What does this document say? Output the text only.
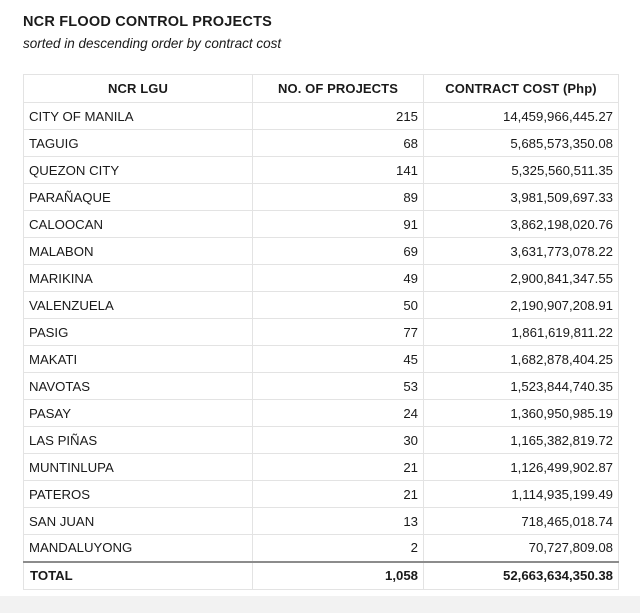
NCR FLOOD CONTROL PROJECTS

sorted in descending order by contract cost

NCR LGU	NO. OF PROJECTS	CONTRACT COST (Php)
CITY OF MANILA	215	14,459,966,445.27
TAGUIG	68	5,685,573,350.08
QUEZON CITY	141	5,325,560,511.35
PARAÑAQUE	89	3,981,509,697.33
CALOOCAN	91	3,862,198,020.76
MALABON	69	3,631,773,078.22
MARIKINA	49	2,900,841,347.55
VALENZUELA	50	2,190,907,208.91
PASIG	77	1,861,619,811.22
MAKATI	45	1,682,878,404.25
NAVOTAS	53	1,523,844,740.35
PASAY	24	1,360,950,985.19
LAS PIÑAS	30	1,165,382,819.72
MUNTINLUPA	21	1,126,499,902.87
PATEROS	21	1,114,935,199.49
SAN JUAN	13	718,465,018.74
MANDALUYONG	2	70,727,809.08
TOTAL	1,058	52,663,634,350.38
